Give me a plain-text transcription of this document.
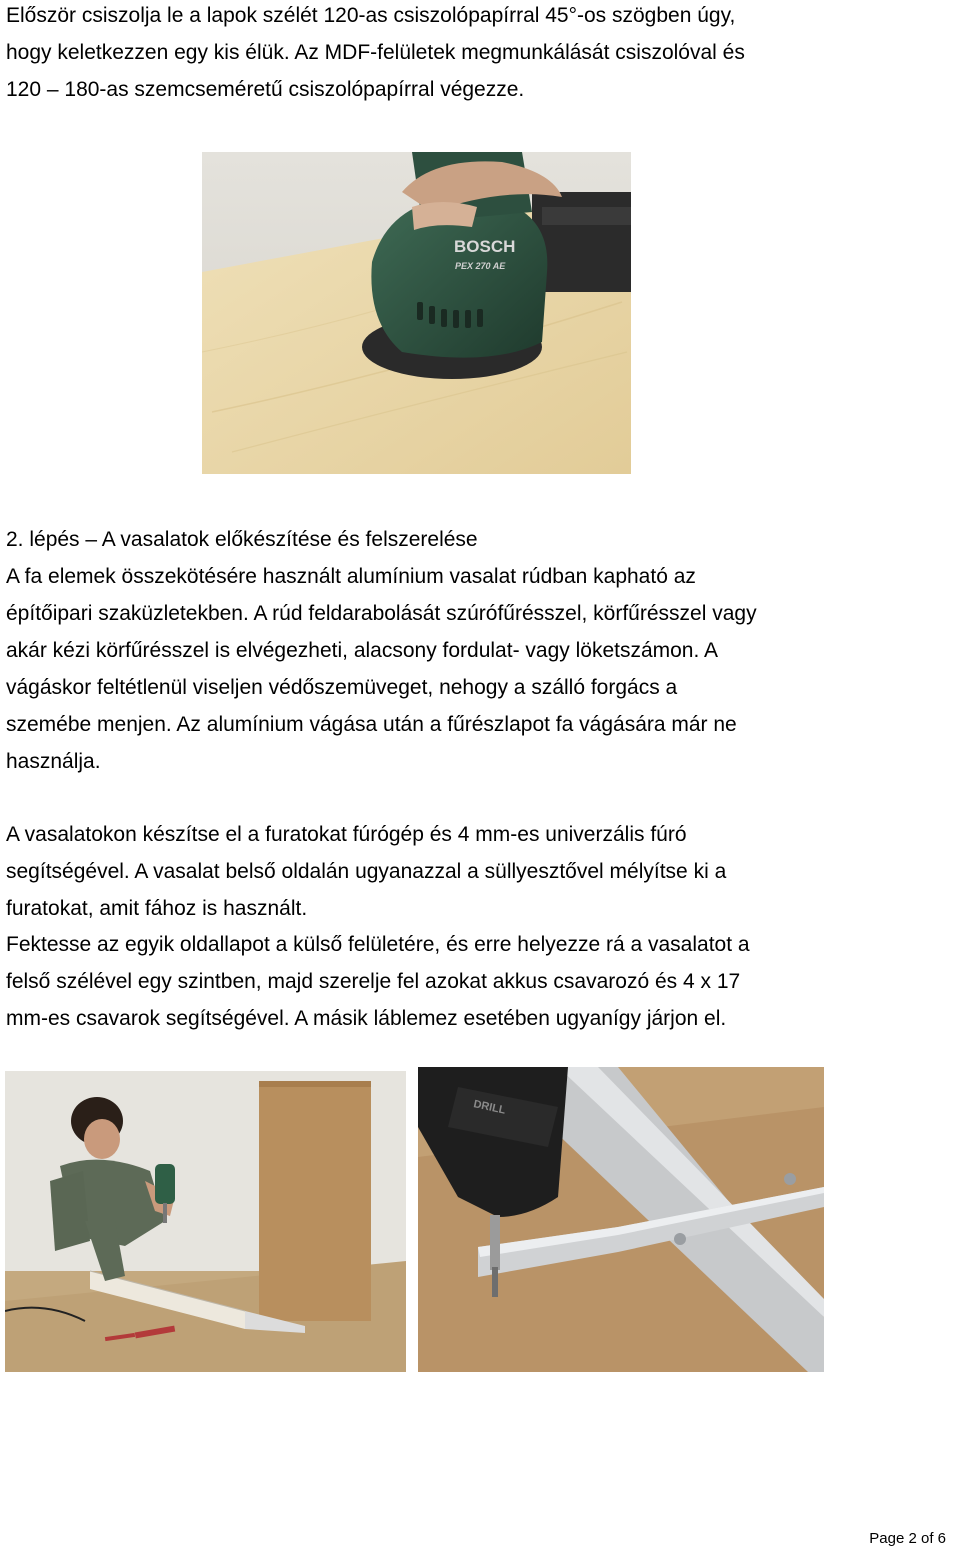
Először csiszolja le a lapok szélét 120-as csiszolópapírral 45°-os szögben úgy,
hogy keletkezzen egy kis élük. Az MDF-felületek megmunkálását csiszolóval és
120 – 180-as szemcseméretű csiszolópapírral végezze.
BOSCH
PEX 270 AE
2. lépés – A vasalatok előkészítése és felszerelése
A fa elemek összekötésére használt alumínium vasalat rúdban kapható az
építőipari szaküzletekben. A rúd feldarabolását szúrófűrésszel, körfűrésszel vagy
akár kézi körfűrésszel is elvégezheti, alacsony fordulat- vagy löketszámon. A
vágáskor feltétlenül viseljen védőszemüveget, nehogy a szálló forgács a
szemébe menjen. Az alumínium vágása után a fűrészlapot fa vágására már ne
használja.
A vasalatokon készítse el a furatokat fúrógép és 4 mm-es univerzális fúró
segítségével. A vasalat belső oldalán ugyanazzal a süllyesztővel mélyítse ki a
furatokat, amit fához is használt.
Fektesse az egyik oldallapot a külső felületére, és erre helyezze rá a vasalatot a
felső szélével egy szintben, majd szerelje fel azokat akkus csavarozó és 4 x 17
mm-es csavarok segítségével. A másik láblemez esetében ugyanígy járjon el.
DRILL
Page 2 of 6
